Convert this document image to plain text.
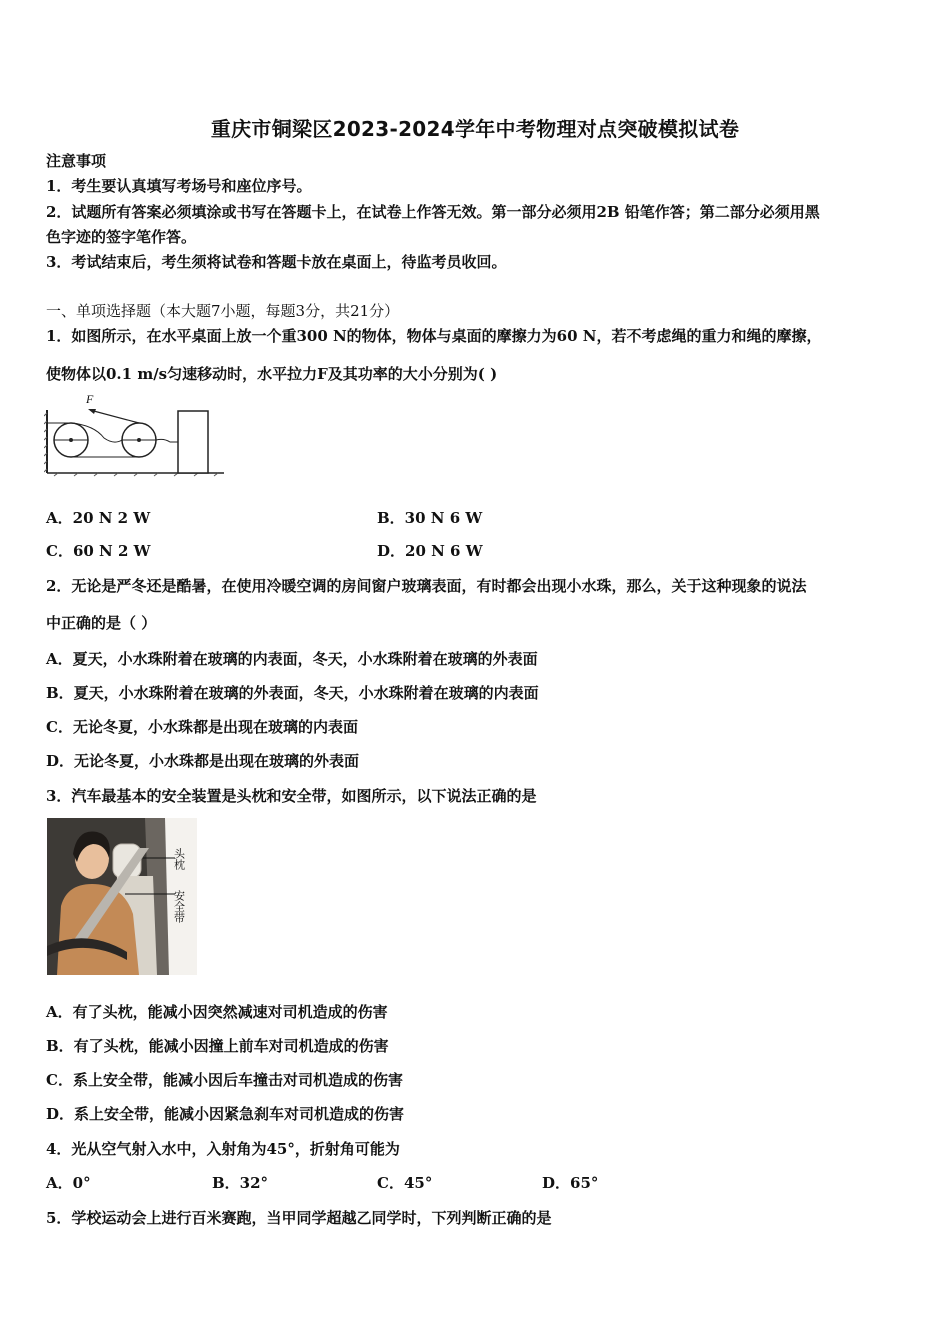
重庆市铜梁区2023-2024学年中考物理对点突破模拟试卷
注意事项
1．考生要认真填写考场号和座位序号。
2．试题所有答案必须填涂或书写在答题卡上，在试卷上作答无效。第一部分必须用2B 铅笔作答；第二部分必须用黑
色字迹的签字笔作答。
3．考试结束后，考生须将试卷和答题卡放在桌面上，待监考员收回。
一、单项选择题（本大题7小题，每题3分，共21分）
1．如图所示，在水平桌面上放一个重300 N的物体，物体与桌面的摩擦力为60 N，若不考虑绳的重力和绳的摩擦，
使物体以0.1 m/s匀速移动时，水平拉力F及其功率的大小分别为( )
F
A．20 N 2 W	B．30 N 6 W
C．60 N 2 W	D．20 N 6 W
2．无论是严冬还是酷暑，在使用冷暖空调的房间窗户玻璃表面，有时都会出现小水珠，那么，关于这种现象的说法
中正确的是（ ）
A．夏天，小水珠附着在玻璃的内表面，冬天，小水珠附着在玻璃的外表面
B．夏天，小水珠附着在玻璃的外表面，冬天，小水珠附着在玻璃的内表面
C．无论冬夏，小水珠都是出现在玻璃的内表面
D．无论冬夏，小水珠都是出现在玻璃的外表面
3．汽车最基本的安全装置是头枕和安全带，如图所示，以下说法正确的是
头枕
安全带
A．有了头枕，能减小因突然减速对司机造成的伤害
B．有了头枕，能减小因撞上前车对司机造成的伤害
C．系上安全带，能减小因后车撞击对司机造成的伤害
D．系上安全带，能减小因紧急刹车对司机造成的伤害
4．光从空气射入水中，入射角为45°，折射角可能为
A．0°	B．32°	C．45°	D．65°
5．学校运动会上进行百米赛跑，当甲同学超越乙同学时，下列判断正确的是
